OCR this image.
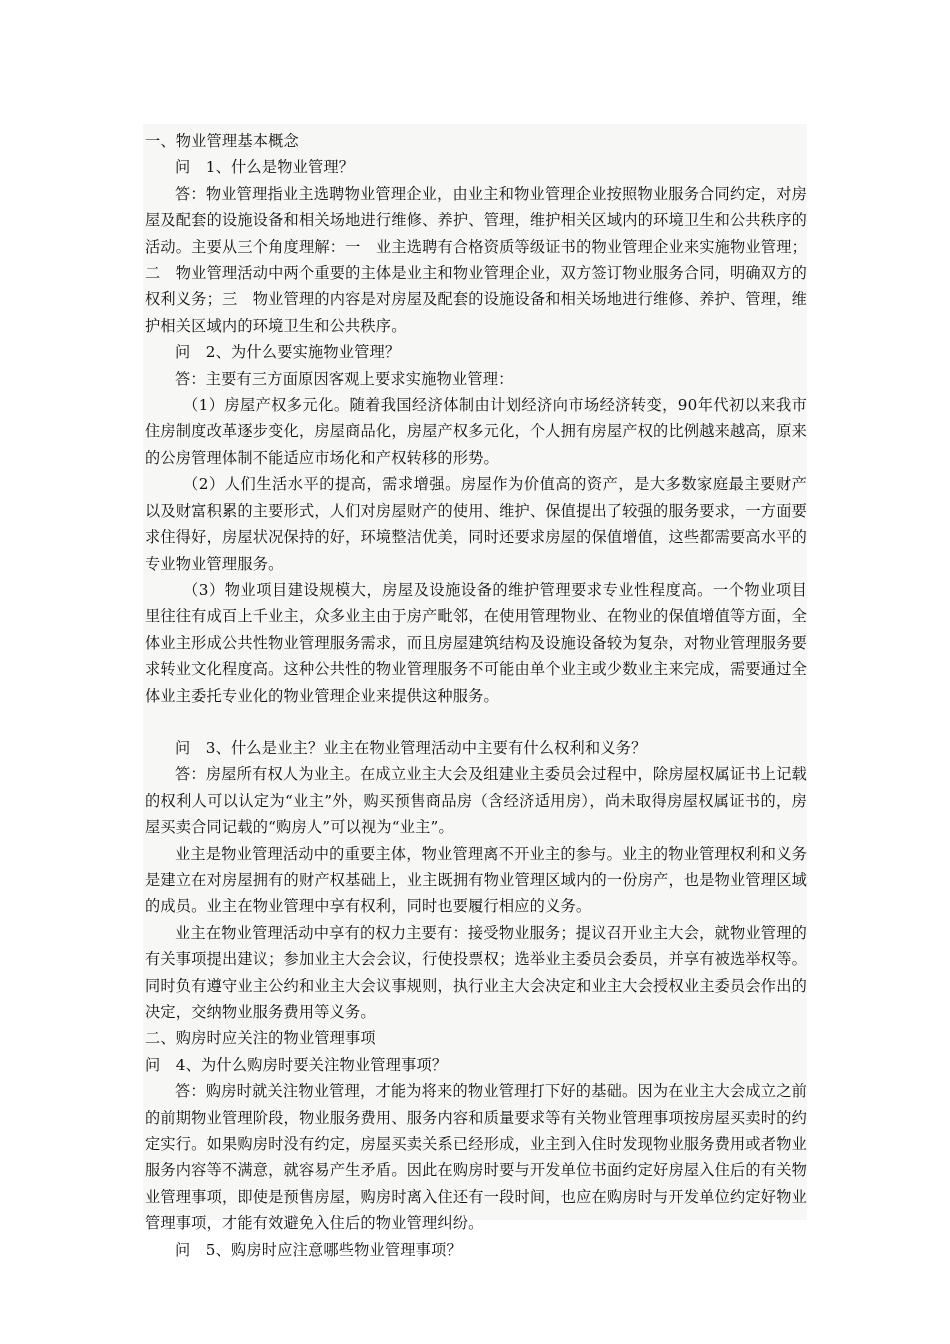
一、物业管理基本概念

问　1、什么是物业管理？

答：物业管理指业主选聘物业管理企业，由业主和物业管理企业按照物业服务合同约定，对房屋及配套的设施设备和相关场地进行维修、养护、管理，维护相关区域内的环境卫生和公共秩序的活动。主要从三个角度理解：一　业主选聘有合格资质等级证书的物业管理企业来实施物业管理；二　物业管理活动中两个重要的主体是业主和物业管理企业，双方签订物业服务合同，明确双方的权利义务；三　物业管理的内容是对房屋及配套的设施设备和相关场地进行维修、养护、管理，维护相关区域内的环境卫生和公共秩序。

问　2、为什么要实施物业管理？

答：主要有三方面原因客观上要求实施物业管理：

（1）房屋产权多元化。随着我国经济体制由计划经济向市场经济转变，90年代初以来我市住房制度改革逐步变化，房屋商品化，房屋产权多元化，个人拥有房屋产权的比例越来越高，原来的公房管理体制不能适应市场化和产权转移的形势。

（2）人们生活水平的提高，需求增强。房屋作为价值高的资产，是大多数家庭最主要财产以及财富积累的主要形式，人们对房屋财产的使用、维护、保值提出了较强的服务要求，一方面要求住得好，房屋状况保持的好，环境整洁优美，同时还要求房屋的保值增值，这些都需要高水平的专业物业管理服务。

（3）物业项目建设规模大，房屋及设施设备的维护管理要求专业性程度高。一个物业项目里往往有成百上千业主，众多业主由于房产毗邻，在使用管理物业、在物业的保值增值等方面，全体业主形成公共性物业管理服务需求，而且房屋建筑结构及设施设备较为复杂，对物业管理服务要求转业文化程度高。这种公共性的物业管理服务不可能由单个业主或少数业主来完成，需要通过全体业主委托专业化的物业管理企业来提供这种服务。

问　3、什么是业主？业主在物业管理活动中主要有什么权利和义务？

答：房屋所有权人为业主。在成立业主大会及组建业主委员会过程中，除房屋权属证书上记载的权利人可以认定为“业主”外，购买预售商品房（含经济适用房），尚未取得房屋权属证书的，房屋买卖合同记载的“购房人”可以视为“业主”。

业主是物业管理活动中的重要主体，物业管理离不开业主的参与。业主的物业管理权利和义务是建立在对房屋拥有的财产权基础上，业主既拥有物业管理区域内的一份房产，也是物业管理区域的成员。业主在物业管理中享有权利，同时也要履行相应的义务。

业主在物业管理活动中享有的权力主要有：接受物业服务；提议召开业主大会，就物业管理的有关事项提出建议；参加业主大会会议，行使投票权；选举业主委员会委员，并享有被选举权等。同时负有遵守业主公约和业主大会议事规则，执行业主大会决定和业主大会授权业主委员会作出的决定，交纳物业服务费用等义务。

二、购房时应关注的物业管理事项

问　4、为什么购房时要关注物业管理事项？

答：购房时就关注物业管理，才能为将来的物业管理打下好的基础。因为在业主大会成立之前的前期物业管理阶段，物业服务费用、服务内容和质量要求等有关物业管理事项按房屋买卖时的约定实行。如果购房时没有约定，房屋买卖关系已经形成，业主到入住时发现物业服务费用或者物业服务内容等不满意，就容易产生矛盾。因此在购房时要与开发单位书面约定好房屋入住后的有关物业管理事项，即使是预售房屋，购房时离入住还有一段时间，也应在购房时与开发单位约定好物业管理事项，才能有效避免入住后的物业管理纠纷。

问　5、购房时应注意哪些物业管理事项？
